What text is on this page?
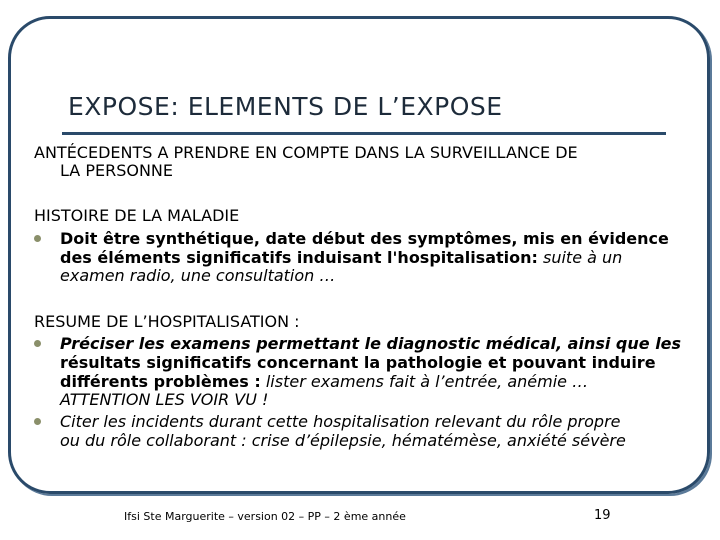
EXPOSE: ELEMENTS DE L’EXPOSE
ANTÉCEDENTS A PRENDRE EN COMPTE DANS LA SURVEILLANCE DE
LA PERSONNE
HISTOIRE DE LA MALADIE
Doit être synthétique, date début des symptômes, mis en évidence
des éléments significatifs induisant l'hospitalisation: suite à un
examen radio, une consultation …
RESUME DE L’HOSPITALISATION :
Préciser les examens permettant le diagnostic médical, ainsi que les
résultats significatifs concernant la pathologie et pouvant induire
différents problèmes : lister examens fait à l’entrée, anémie …
ATTENTION LES VOIR VU !
Citer les incidents durant cette hospitalisation relevant du rôle propre
ou du rôle collaborant : crise d’épilepsie, hématémèse, anxiété sévère
Ifsi Ste Marguerite – version 02 – PP – 2 ème année	19
